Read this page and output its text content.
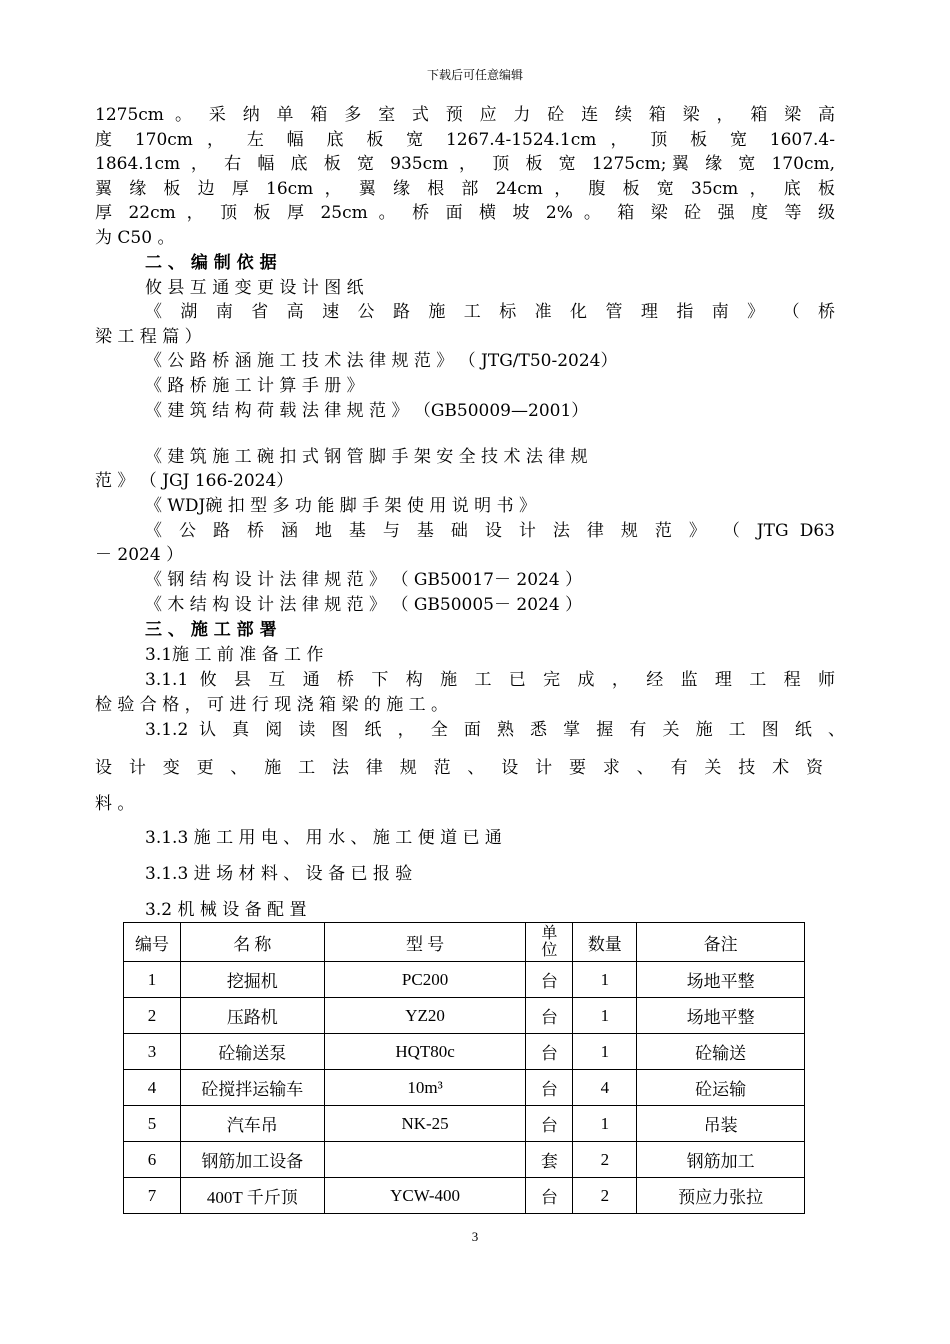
下载后可任意编辑
1275cm 。 采 纳 单 箱 多 室 式 预 应 力 砼 连 续 箱 梁 ， 箱 梁 高
度 170cm ， 左 幅 底 板 宽 1267.4-1524.1cm ， 顶 板 宽 1607.4-
1864.1cm ， 右 幅 底 板 宽 935cm ， 顶 板 宽 1275cm;翼 缘 宽 170cm,
翼 缘 板 边 厚 16cm ， 翼 缘 根 部 24cm ， 腹 板 宽 35cm ， 底 板
厚 22cm ， 顶 板 厚 25cm 。 桥 面 横 坡 2% 。 箱 梁 砼 强 度 等 级
为 C50 。
二 、 编 制 依 据
攸 县 互 通 变 更 设 计 图 纸
《 湖 南 省 高 速 公 路 施 工 标 准 化 管 理 指 南 》 （ 桥
梁 工 程 篇 ）
《 公 路 桥 涵 施 工 技 术 法 律 规 范 》 （ JTG/T50-2024）
《 路 桥 施 工 计 算 手 册 》
《 建 筑 结 构 荷 载 法 律 规 范 》 （GB50009—2001）
《 建 筑 施 工 碗 扣 式 钢 管 脚 手 架 安 全 技 术 法 律 规
范 》 （ JGJ 166-2024）
《 WDJ碗 扣 型 多 功 能 脚 手 架 使 用 说 明 书 》
《 公 路 桥 涵 地 基 与 基 础 设 计 法 律 规 范 》 （ JTG D63
－ 2024 ）
《 钢 结 构 设 计 法 律 规 范 》 （ GB50017－ 2024 ）
《 木 结 构 设 计 法 律 规 范 》 （ GB50005－ 2024 ）
三 、 施 工 部 署
3.1施 工 前 准 备 工 作
3.1.1 攸 县 互 通 桥 下 构 施 工 已 完 成 ， 经 监 理 工 程 师
检 验 合 格 ， 可 进 行 现 浇 箱 梁 的 施 工 。
3.1.2 认 真 阅 读 图 纸 ， 全 面 熟 悉 掌 握 有 关 施 工 图 纸 、
设 计 变 更 、 施 工 法 律 规 范 、 设 计 要 求 、 有 关 技 术 资
料 。
3.1.3 施 工 用 电 、 用 水 、 施 工 便 道 已 通
3.1.3 进 场 材 料 、 设 备 已 报 验
3.2 机 械 设 备 配 置
编号	名 称	型 号	单位	数量	备注
1	挖掘机	PC200	台	1	场地平整
2	压路机	YZ20	台	1	场地平整
3	砼输送泵	HQT80c	台	1	砼输送
4	砼搅拌运输车	10m³	台	4	砼运输
5	汽车吊	NK-25	台	1	吊装
6	钢筋加工设备		套	2	钢筋加工
7	400T 千斤顶	YCW-400	台	2	预应力张拉
3
